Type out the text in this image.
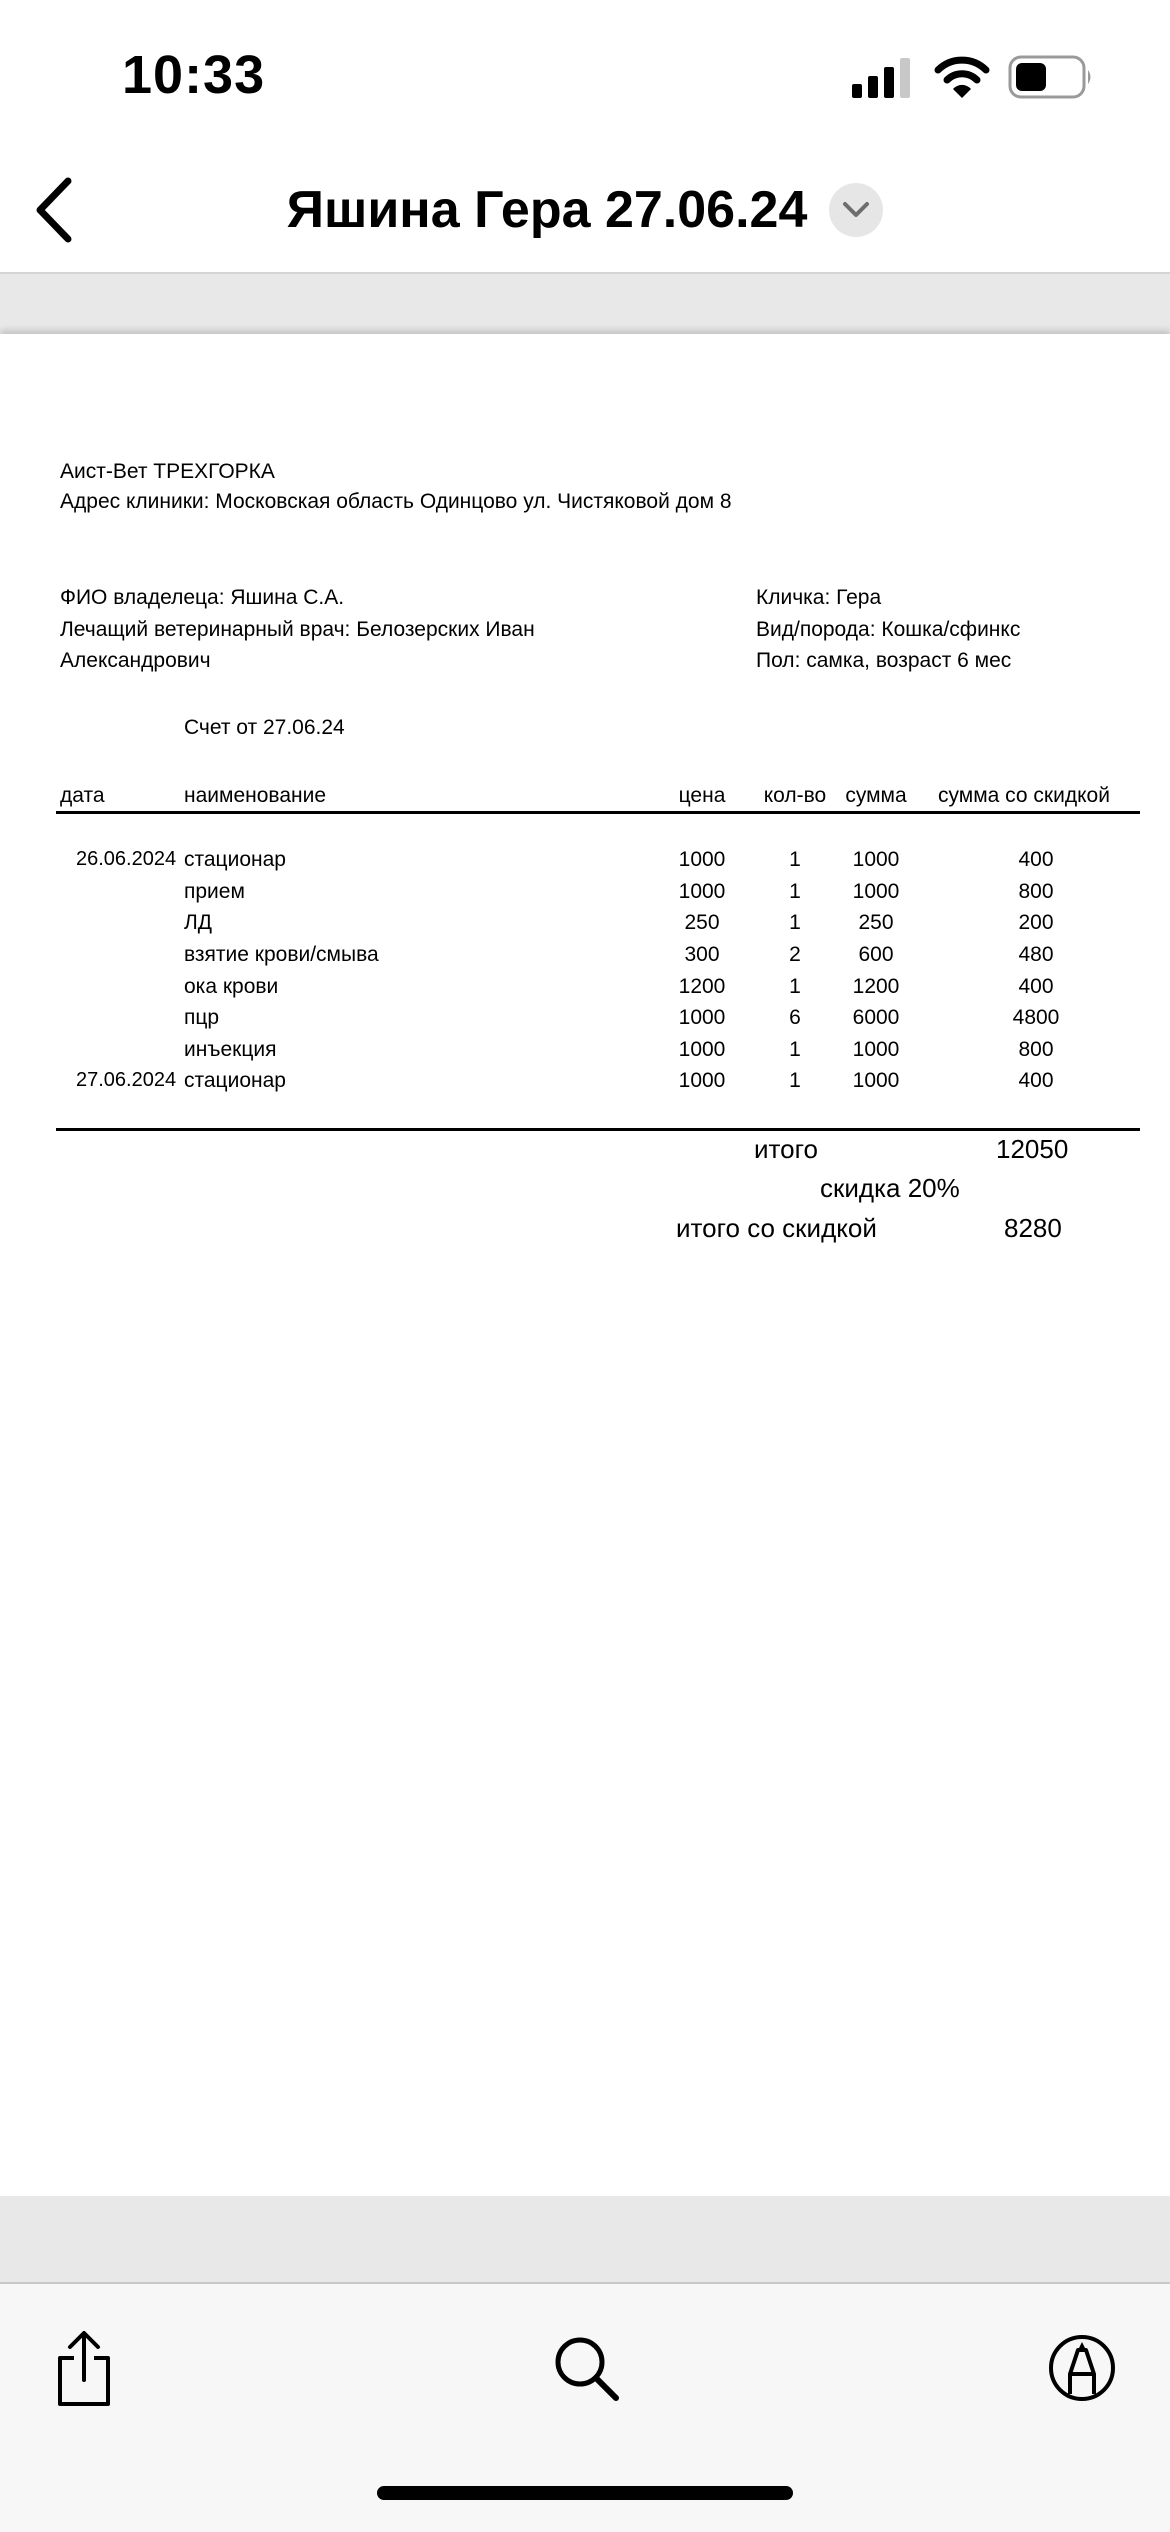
10:33
Яшина Гера 27.06.24
Аист-Вет ТРЕХГОРКА
Адрес клиники: Московская область Одинцово ул. Чистяковой дом 8
ФИО владелеца: Яшина С.А.
Лечащий ветеринарный врач: Белозерских Иван
Александрович
Кличка: Гера
Вид/порода: Кошка/сфинкс
Пол: самка, возраст 6 мес
Счет от 27.06.24
дата	наименование	цена	кол-во сумма	сумма со скидкой
26.06.2024 стационар	1000	1	1000	400
прием	1000	1	1000	800
ЛД	250	1	250	200
взятие крови/смыва	300	2	600	480
ока крови	1200	1	1200	400
пцр	1000	6	6000	4800
инъекция	1000	1	1000	800
27.06.2024 стационар	1000	1	1000	400
итого	12050
скидка 20%
итого со скидкой	8280
